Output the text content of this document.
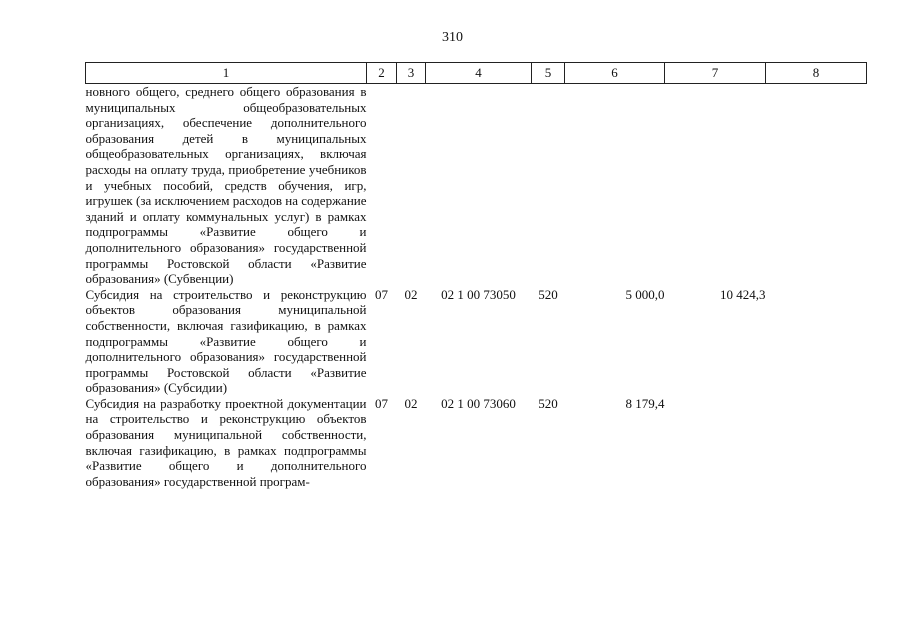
310
1	2	3	4	5	6	7	8
новного общего, среднего общего образования в муниципальных общеобразовательных организациях, обеспечение дополнительного образования детей в муниципальных общеобразовательных организациях, включая расходы на оплату труда, приобретение учебников и учебных пособий, средств обучения, игр, игрушек (за исключением расходов на содержание зданий и оплату коммунальных услуг) в рамках подпрограммы «Развитие общего и дополнительного образования» государственной программы Ростовской области «Развитие образования» (Субвенции)							
Субсидия на строительство и реконструкцию объектов образования муниципальной собственности, включая газификацию, в рамках подпрограммы «Развитие общего и дополнительного образования» государственной программы Ростовской области «Развитие образования» (Субсидии)	07	02	02 1 00 73050	520	5 000,0	10 424,3	
Субсидия на разработку проектной документации на строительство и реконструкцию объектов образования муниципальной собственности, включая газификацию, в рамках подпрограммы «Развитие общего и дополнительного образования» государственной програм-	07	02	02 1 00 73060	520	8 179,4		
